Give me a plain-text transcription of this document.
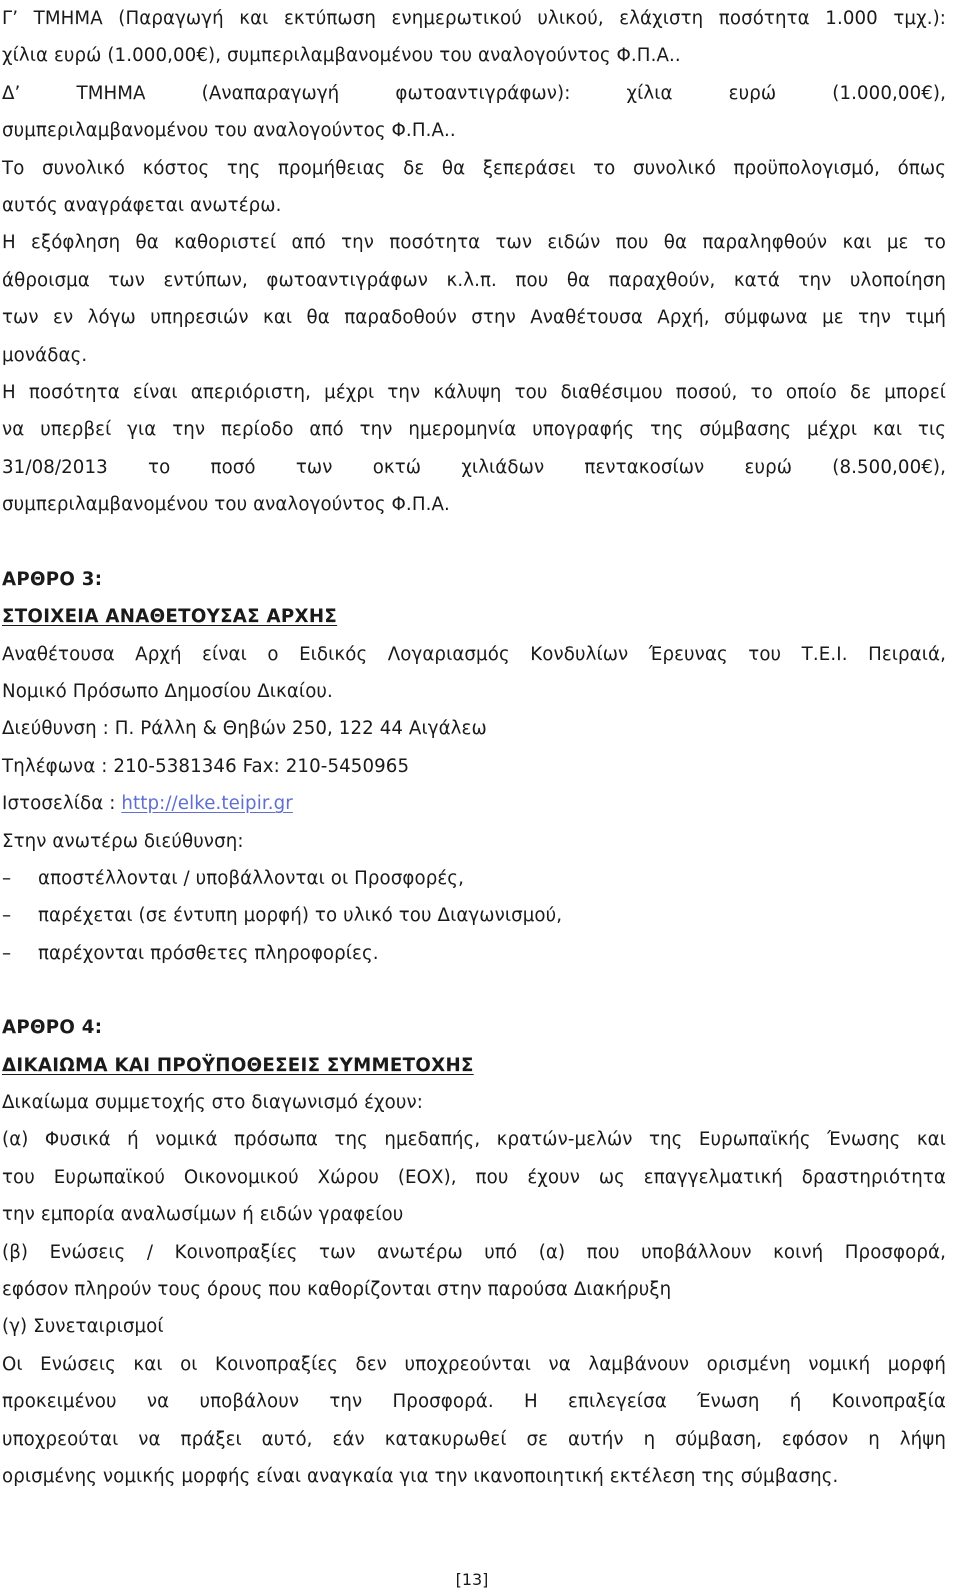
Γ’ ΤΜΗΜΑ (Παραγωγή και εκτύπωση ενημερωτικού υλικού, ελάχιστη ποσότητα 1.000 τμχ.):

χίλια ευρώ (1.000,00€), συμπεριλαμβανομένου του αναλογούντος Φ.Π.Α..

Δ’ ΤΜΗΜΑ (Αναπαραγωγή φωτοαντιγράφων): χίλια ευρώ (1.000,00€),

συμπεριλαμβανομένου του αναλογούντος Φ.Π.Α..

Το συνολικό κόστος της προμήθειας δε θα ξεπεράσει το συνολικό προϋπολογισμό, όπως

αυτός αναγράφεται ανωτέρω.

Η εξόφληση θα καθοριστεί από την ποσότητα των ειδών που θα παραληφθούν και με το

άθροισμα των εντύπων, φωτοαντιγράφων κ.λ.π. που θα παραχθούν, κατά την υλοποίηση

των εν λόγω υπηρεσιών και θα παραδοθούν στην Αναθέτουσα Αρχή, σύμφωνα με την τιμή

μονάδας.

Η ποσότητα είναι απεριόριστη, μέχρι την κάλυψη του διαθέσιμου ποσού, το οποίο δε μπορεί

να υπερβεί για την περίοδο από την ημερομηνία υπογραφής της σύμβασης μέχρι και τις

31/08/2013 το ποσό των οκτώ χιλιάδων πεντακοσίων ευρώ (8.500,00€),

συμπεριλαμβανομένου του αναλογούντος Φ.Π.Α.

ΑΡΘΡΟ 3:

ΣΤΟΙΧΕΙΑ ΑΝΑΘΕΤΟΥΣΑΣ ΑΡΧΗΣ

Αναθέτουσα Αρχή είναι ο Ειδικός Λογαριασμός Κονδυλίων Έρευνας του Τ.Ε.Ι. Πειραιά,

Νομικό Πρόσωπο Δημοσίου Δικαίου.

Διεύθυνση : Π. Ράλλη & Θηβών 250, 122 44 Αιγάλεω

Τηλέφωνα : 210-5381346 Fax: 210-5450965

Ιστοσελίδα : http://elke.teipir.gr

Στην ανωτέρω διεύθυνση:

–	αποστέλλονται / υποβάλλονται οι Προσφορές,
–	παρέχεται (σε έντυπη μορφή) το υλικό του Διαγωνισμού,
–	παρέχονται πρόσθετες πληροφορίες.

ΑΡΘΡΟ 4:

ΔΙΚΑΙΩΜΑ ΚΑΙ ΠΡΟΫΠΟΘΕΣΕΙΣ ΣΥΜΜΕΤΟΧΗΣ

Δικαίωμα συμμετοχής στο διαγωνισμό έχουν:

(α) Φυσικά ή νομικά πρόσωπα της ημεδαπής, κρατών-μελών της Ευρωπαϊκής Ένωσης και

του Ευρωπαϊκού Οικονομικού Χώρου (ΕΟΧ), που έχουν ως επαγγελματική δραστηριότητα

την εμπορία αναλωσίμων ή ειδών γραφείου

(β) Ενώσεις / Κοινοπραξίες των ανωτέρω υπό (α) που υποβάλλουν κοινή Προσφορά,

εφόσον πληρούν τους όρους που καθορίζονται στην παρούσα Διακήρυξη

(γ) Συνεταιρισμοί

Οι Ενώσεις και οι Κοινοπραξίες δεν υποχρεούνται να λαμβάνουν ορισμένη νομική μορφή

προκειμένου να υποβάλουν την Προσφορά. Η επιλεγείσα Ένωση ή Κοινοπραξία

υποχρεούται να πράξει αυτό, εάν κατακυρωθεί σε αυτήν η σύμβαση, εφόσον η λήψη

ορισμένης νομικής μορφής είναι αναγκαία για την ικανοποιητική εκτέλεση της σύμβασης.

[13]
